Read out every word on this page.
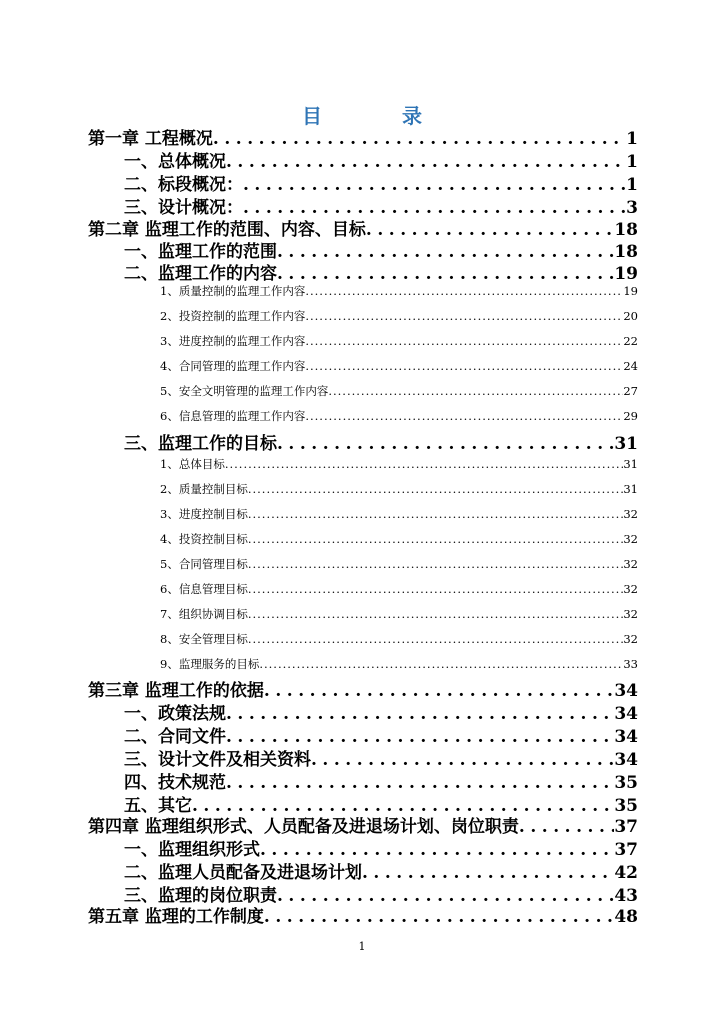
目	录
第一章 工程概况 . . .	1
一、总体概况 . . .	1
二、标段概况： . . .	1
三、设计概况： . . .	3
第二章 监理工作的范围、内容、目标 . . .	18
一、监理工作的范围 . . .	18
二、监理工作的内容 . . .	19
1、质量控制的监理工作内容 .....	19
2、投资控制的监理工作内容 .....	20
3、进度控制的监理工作内容 .....	22
4、合同管理的监理工作内容 .....	24
5、安全文明管理的监理工作内容 .....	27
6、信息管理的监理工作内容 .....	29
三、监理工作的目标 . . .	31
1、总体目标 .....	31
2、质量控制目标 .....	31
3、进度控制目标 .....	32
4、投资控制目标 .....	32
5、合同管理目标 .....	32
6、信息管理目标 .....	32
7、组织协调目标 .....	32
8、安全管理目标 .....	32
9、监理服务的目标 .....	33
第三章 监理工作的依据 . . .	34
一、政策法规 . . .	34
二、合同文件 . . .	34
三、设计文件及相关资料 . . .	34
四、技术规范 . . .	35
五、其它 . . .	35
第四章 监理组织形式、人员配备及进退场计划、岗位职责 . . .	37
一、监理组织形式 . . .	37
二、监理人员配备及进退场计划 . . .	42
三、监理的岗位职责 . . .	43
第五章 监理的工作制度 . . .	48
1
